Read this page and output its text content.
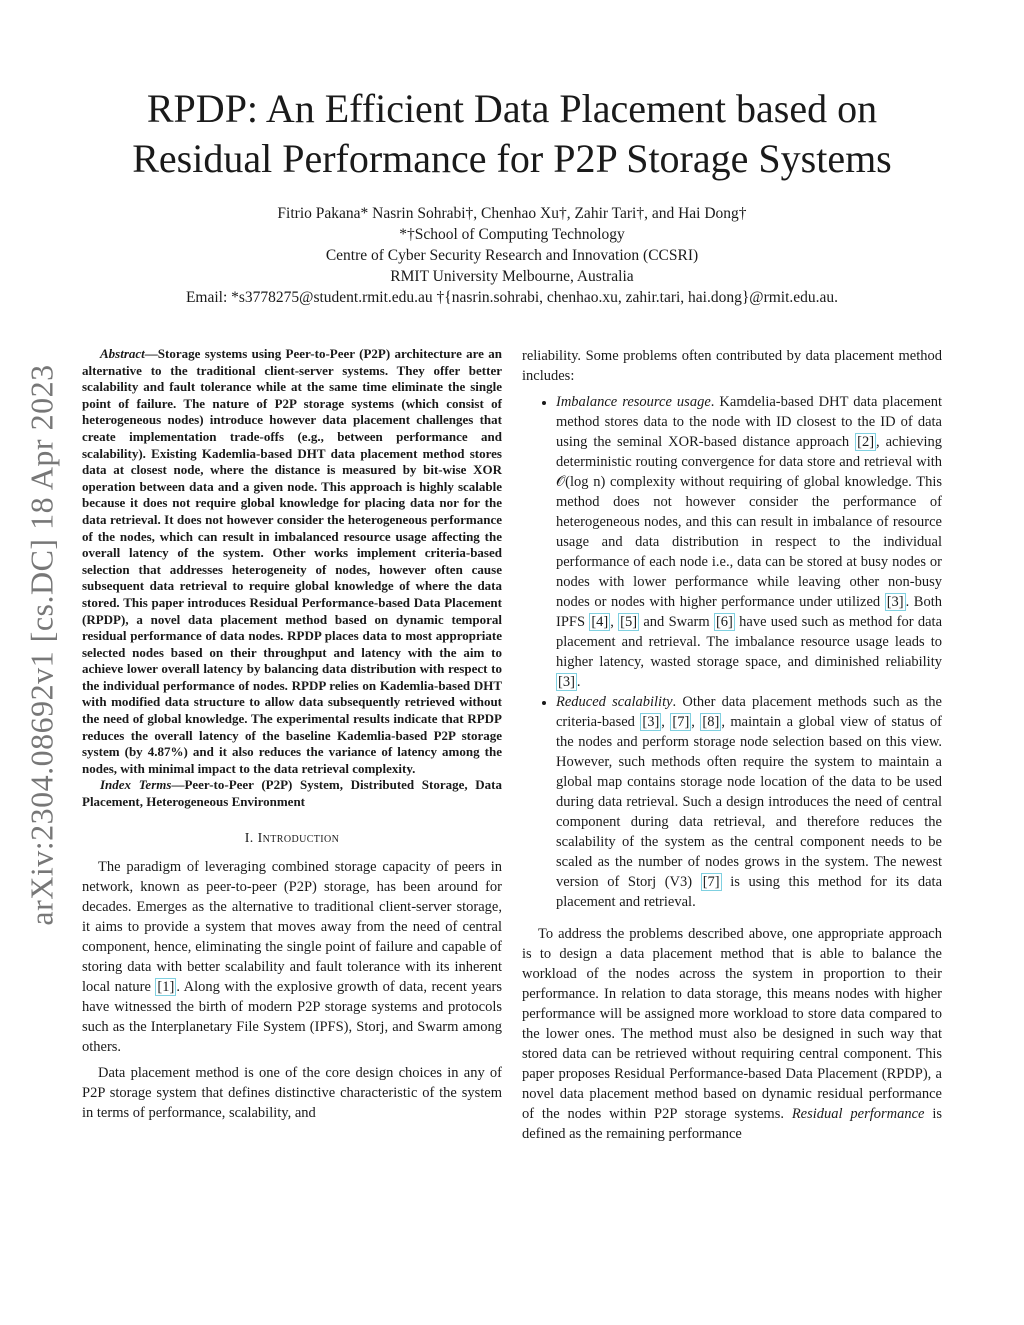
arXiv:2304.08692v1 [cs.DC] 18 Apr 2023
RPDP: An Efficient Data Placement based on
Residual Performance for P2P Storage Systems
Fitrio Pakana* Nasrin Sohrabi†, Chenhao Xu†, Zahir Tari†, and Hai Dong†
*†School of Computing Technology
Centre of Cyber Security Research and Innovation (CCSRI)
RMIT University Melbourne, Australia
Email: *s3778275@student.rmit.edu.au †{nasrin.sohrabi, chenhao.xu, zahir.tari, hai.dong}@rmit.edu.au.

Abstract—Storage systems using Peer-to-Peer (P2P) architecture are an alternative to the traditional client-server systems. They offer better scalability and fault tolerance while at the same time eliminate the single point of failure. The nature of P2P storage systems (which consist of heterogeneous nodes) introduce however data placement challenges that create implementation trade-offs (e.g., between performance and scalability). Existing Kademlia-based DHT data placement method stores data at closest node, where the distance is measured by bit-wise XOR operation between data and a given node. This approach is highly scalable because it does not require global knowledge for placing data nor for the data retrieval. It does not however consider the heterogeneous performance of the nodes, which can result in imbalanced resource usage affecting the overall latency of the system. Other works implement criteria-based selection that addresses heterogeneity of nodes, however often cause subsequent data retrieval to require global knowledge of where the data stored. This paper introduces Residual Performance-based Data Placement (RPDP), a novel data placement method based on dynamic temporal residual performance of data nodes. RPDP places data to most appropriate selected nodes based on their throughput and latency with the aim to achieve lower overall latency by balancing data distribution with respect to the individual performance of nodes. RPDP relies on Kademlia-based DHT with modified data structure to allow data subsequently retrieved without the need of global knowledge. The experimental results indicate that RPDP reduces the overall latency of the baseline Kademlia-based P2P storage system (by 4.87%) and it also reduces the variance of latency among the nodes, with minimal impact to the data retrieval complexity.

Index Terms—Peer-to-Peer (P2P) System, Distributed Storage, Data Placement, Heterogeneous Environment

I. Introduction

The paradigm of leveraging combined storage capacity of peers in network, known as peer-to-peer (P2P) storage, has been around for decades. Emerges as the alternative to traditional client-server storage, it aims to provide a system that moves away from the need of central component, hence, eliminating the single point of failure and capable of storing data with better scalability and fault tolerance with its inherent local nature [1] . Along with the explosive growth of data, recent years have witnessed the birth of modern P2P storage systems and protocols such as the Interplanetary File System (IPFS), Storj, and Swarm among others.

Data placement method is one of the core design choices in any of P2P storage system that defines distinctive characteristic of the system in terms of performance, scalability, and

reliability. Some problems often contributed by data placement method includes:

• Imbalance resource usage. Kamdelia-based DHT data placement method stores data to the node with ID closest to the ID of data using the seminal XOR-based distance approach [2] , achieving deterministic routing convergence for data store and retrieval with 𝒪(log n) complexity without requiring of global knowledge. This method does not however consider the performance of heterogeneous nodes, and this can result in imbalance of resource usage and data distribution in respect to the individual performance of each node i.e., data can be stored at busy nodes or nodes with lower performance while leaving other non-busy nodes or nodes with higher performance under utilized [3] . Both IPFS [4] , [5] and Swarm [6] have used such as method for data placement and retrieval. The imbalance resource usage leads to higher latency, wasted storage space, and diminished reliability [3] .
• Reduced scalability. Other data placement methods such as the criteria-based [3] , [7] , [8] , maintain a global view of status of the nodes and perform storage node selection based on this view. However, such methods often require the system to maintain a global map contains storage node location of the data to be used during data retrieval. Such a design introduces the need of central component during data retrieval, and therefore reduces the scalability of the system as the central component needs to be scaled as the number of nodes grows in the system. The newest version of Storj (V3) [7] is using this method for its data placement and retrieval.

To address the problems described above, one appropriate approach is to design a data placement method that is able to balance the workload of the nodes across the system in proportion to their performance. In relation to data storage, this means nodes with higher performance will be assigned more workload to store data compared to the lower ones. The method must also be designed in such way that stored data can be retrieved without requiring central component. This paper proposes Residual Performance-based Data Placement (RPDP), a novel data placement method based on dynamic residual performance of the nodes within P2P storage systems. Residual performance is defined as the remaining performance
